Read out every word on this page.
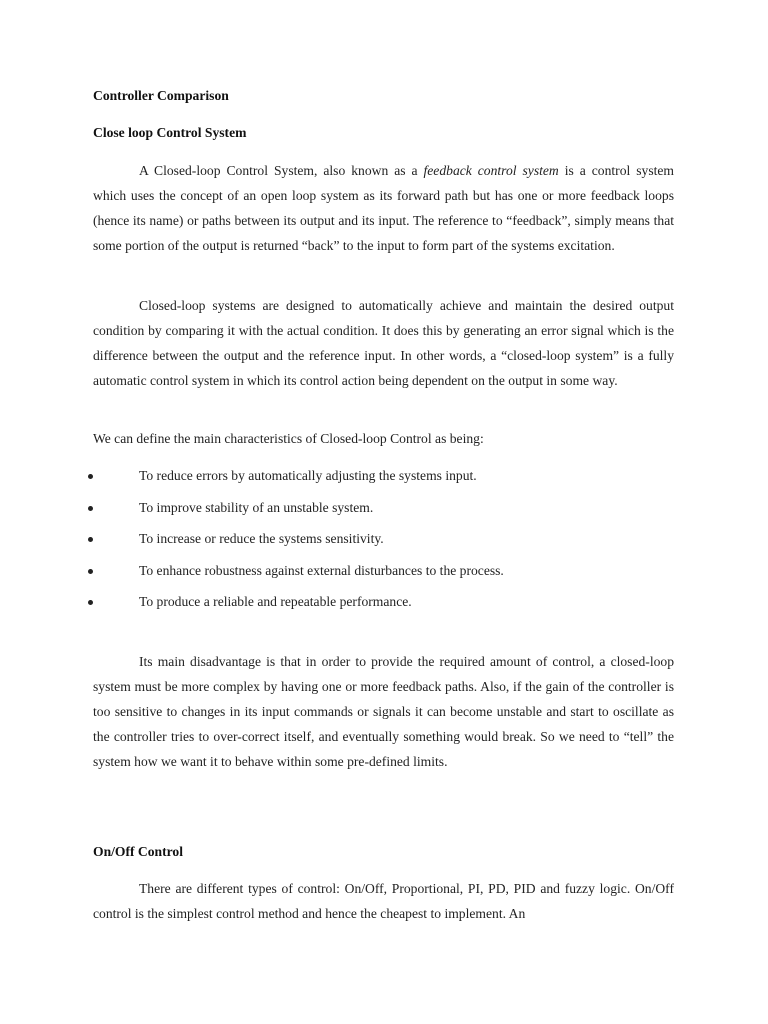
Controller Comparison
Close loop Control System

A Closed-loop Control System, also known as a feedback control system is a control system which uses the concept of an open loop system as its forward path but has one or more feedback loops (hence its name) or paths between its output and its input. The reference to “feedback”, simply means that some portion of the output is returned “back” to the input to form part of the systems excitation.

Closed-loop systems are designed to automatically achieve and maintain the desired output condition by comparing it with the actual condition. It does this by generating an error signal which is the difference between the output and the reference input. In other words, a “closed-loop system” is a fully automatic control system in which its control action being dependent on the output in some way.

We can define the main characteristics of Closed-loop Control as being:
To reduce errors by automatically adjusting the systems input.
To improve stability of an unstable system.
To increase or reduce the systems sensitivity.
To enhance robustness against external disturbances to the process.
To produce a reliable and repeatable performance.

Its main disadvantage is that in order to provide the required amount of control, a closed-loop system must be more complex by having one or more feedback paths. Also, if the gain of the controller is too sensitive to changes in its input commands or signals it can become unstable and start to oscillate as the controller tries to over-correct itself, and eventually something would break. So we need to “tell” the system how we want it to behave within some pre-defined limits.

On/Off Control

There are different types of control: On/Off, Proportional, PI, PD, PID and fuzzy logic. On/Off control is the simplest control method and hence the cheapest to implement. An
